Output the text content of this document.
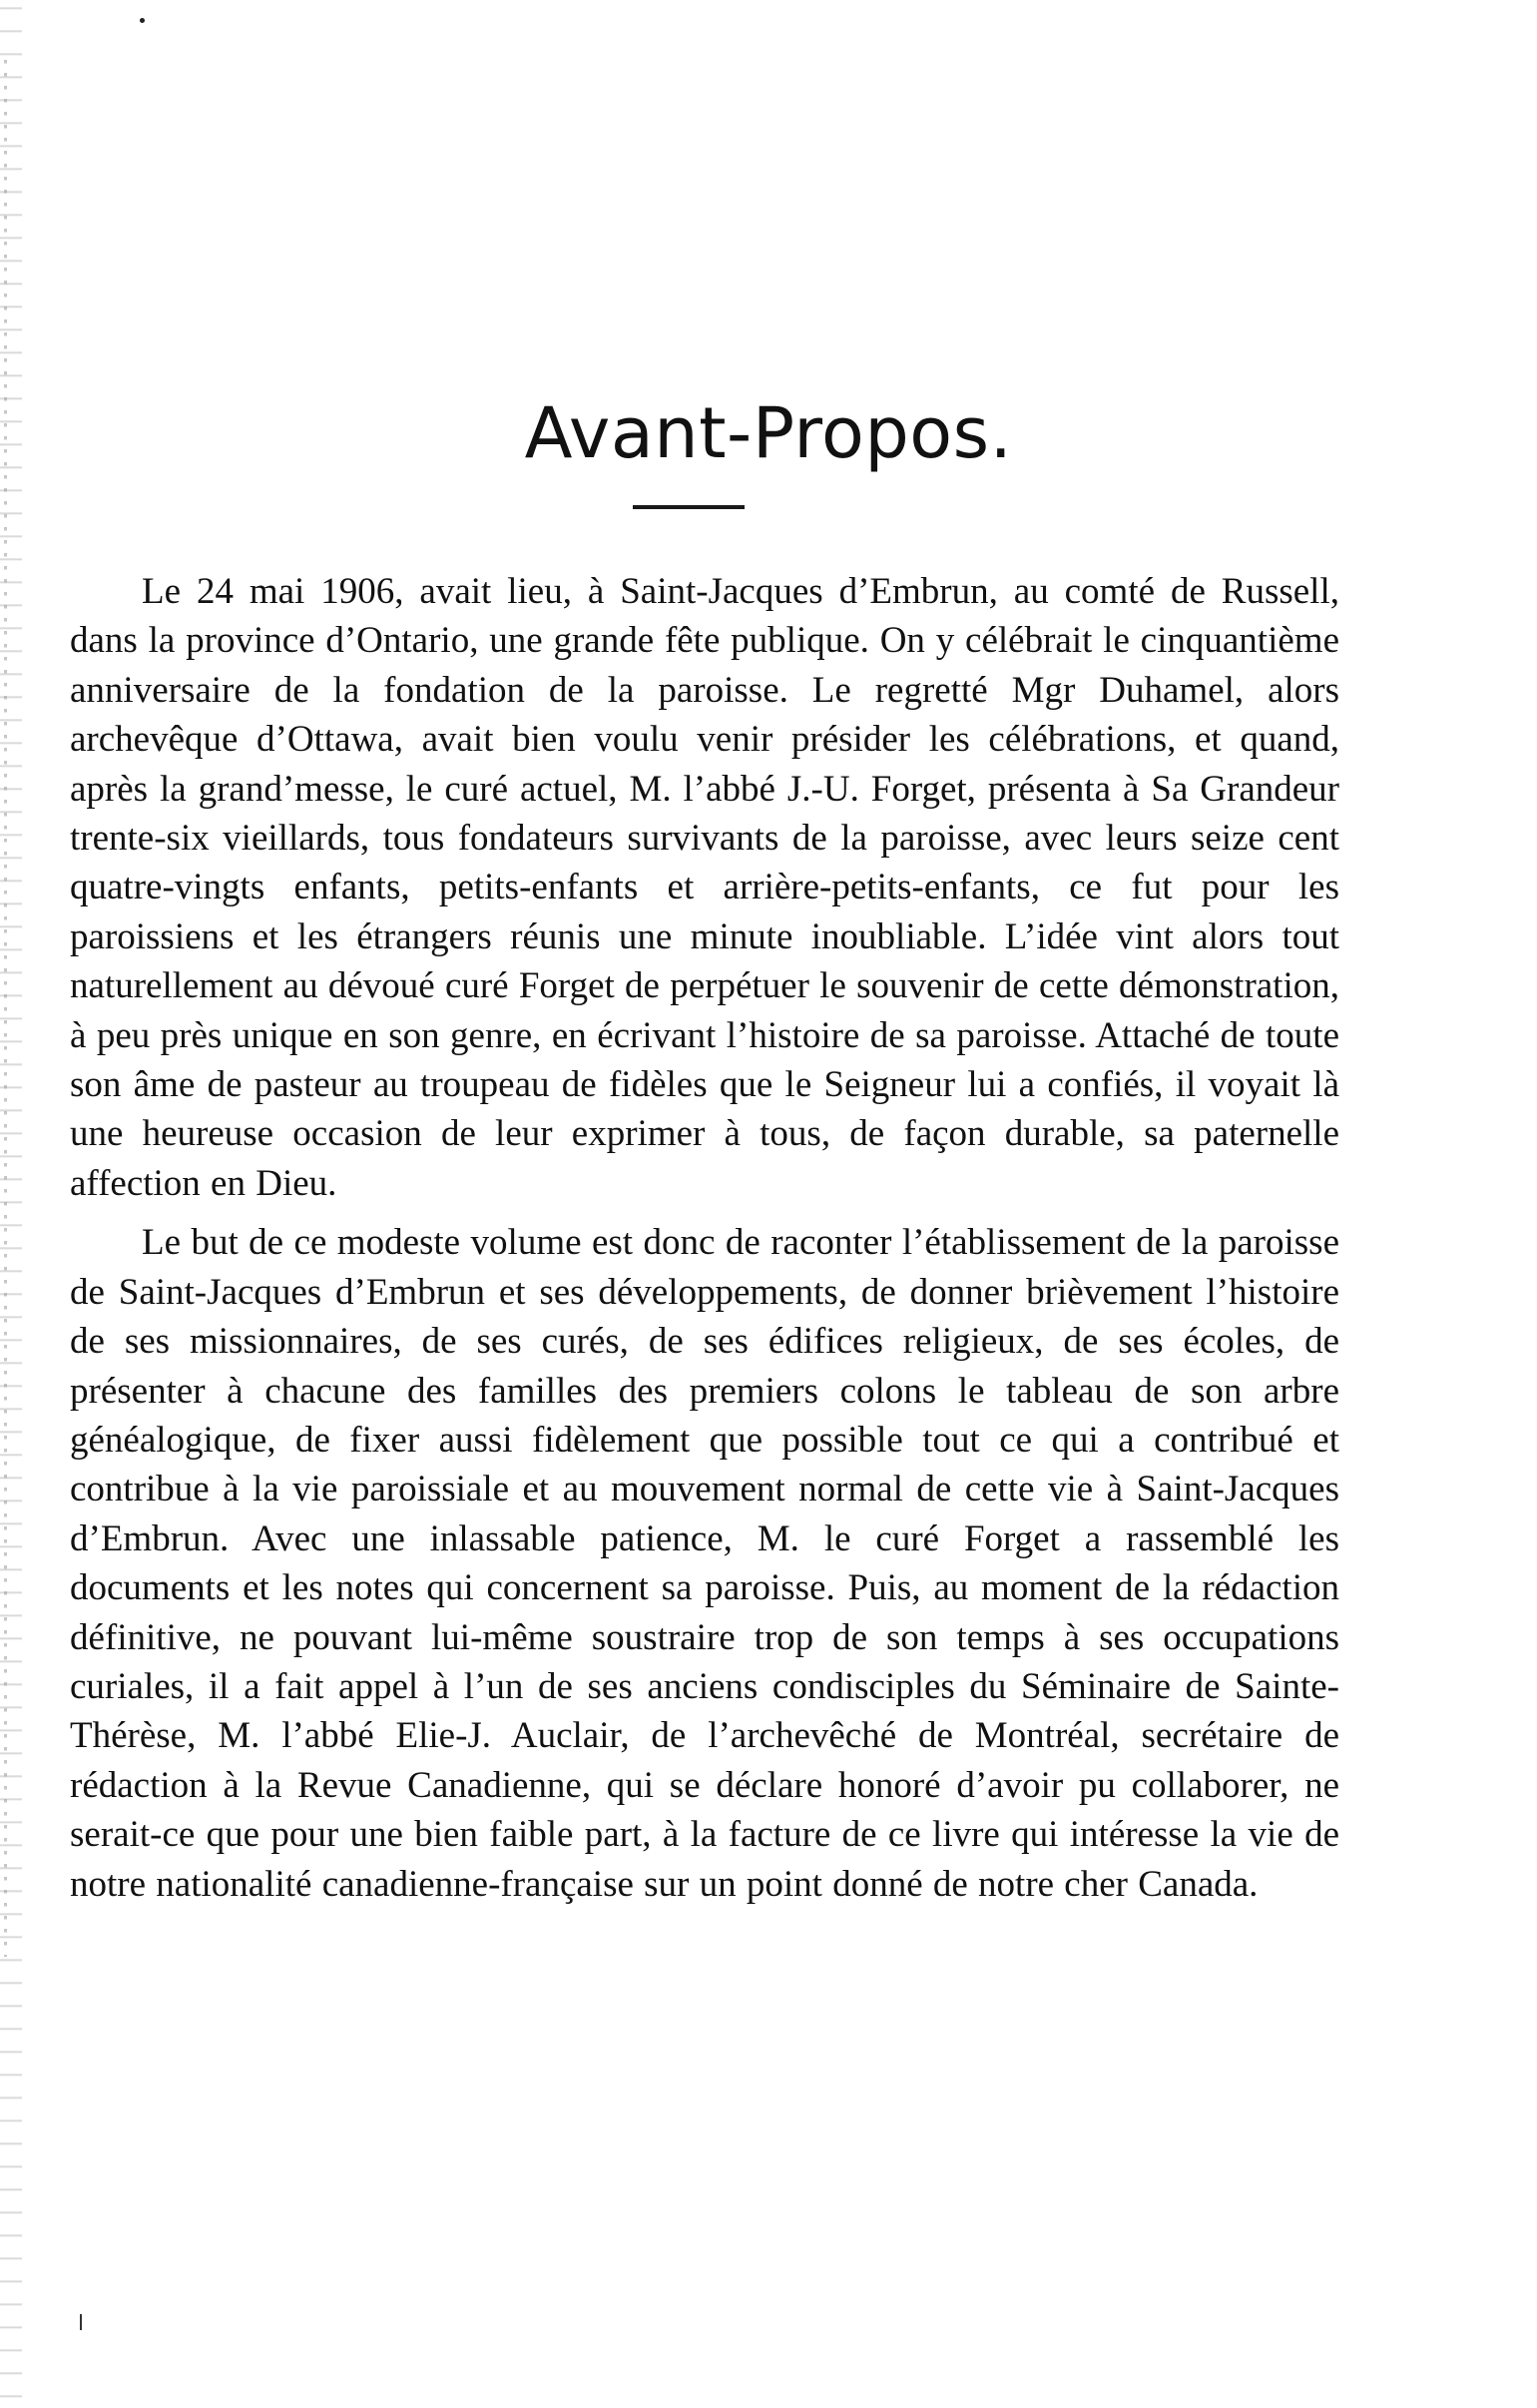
Avant-Propos.

Le 24 mai 1906, avait lieu, à Saint-Jacques d’Embrun, au comté de Russell, dans la province d’Ontario, une grande fête publique. On y célébrait le cinquantième anniversaire de la fondation de la paroisse. Le regretté Mgr Duhamel, alors archevêque d’Ottawa, avait bien voulu venir présider les célébrations, et quand, après la grand’messe, le curé actuel, M. l’abbé J.-U. Forget, présenta à Sa Grandeur trente-six vieillards, tous fondateurs survivants de la paroisse, avec leurs seize cent quatre-vingts enfants, petits-enfants et arrière-petits-enfants, ce fut pour les paroissiens et les étrangers réunis une minute inoubliable. L’idée vint alors tout naturellement au dévoué curé Forget de perpétuer le souvenir de cette démonstration, à peu près unique en son genre, en écrivant l’histoire de sa paroisse. Attaché de toute son âme de pasteur au troupeau de fidèles que le Seigneur lui a confiés, il voyait là une heureuse occasion de leur exprimer à tous, de façon durable, sa paternelle affection en Dieu.

Le but de ce modeste volume est donc de raconter l’établissement de la paroisse de Saint-Jacques d’Embrun et ses développements, de donner brièvement l’histoire de ses missionnaires, de ses curés, de ses édifices religieux, de ses écoles, de présenter à chacune des familles des premiers colons le tableau de son arbre généalogique, de fixer aussi fidèlement que possible tout ce qui a contribué et contribue à la vie paroissiale et au mouvement normal de cette vie à Saint-Jacques d’Embrun. Avec une inlassable patience, M. le curé Forget a rassemblé les documents et les notes qui concernent sa paroisse. Puis, au moment de la rédaction définitive, ne pouvant lui-même soustraire trop de son temps à ses occupations curiales, il a fait appel à l’un de ses anciens condisciples du Séminaire de Sainte-Thérèse, M. l’abbé Elie-J. Auclair, de l’archevêché de Montréal, secrétaire de rédaction à la Revue Canadienne, qui se déclare honoré d’avoir pu collaborer, ne serait-ce que pour une bien faible part, à la facture de ce livre qui intéresse la vie de notre nationalité canadienne-française sur un point donné de notre cher Canada.
